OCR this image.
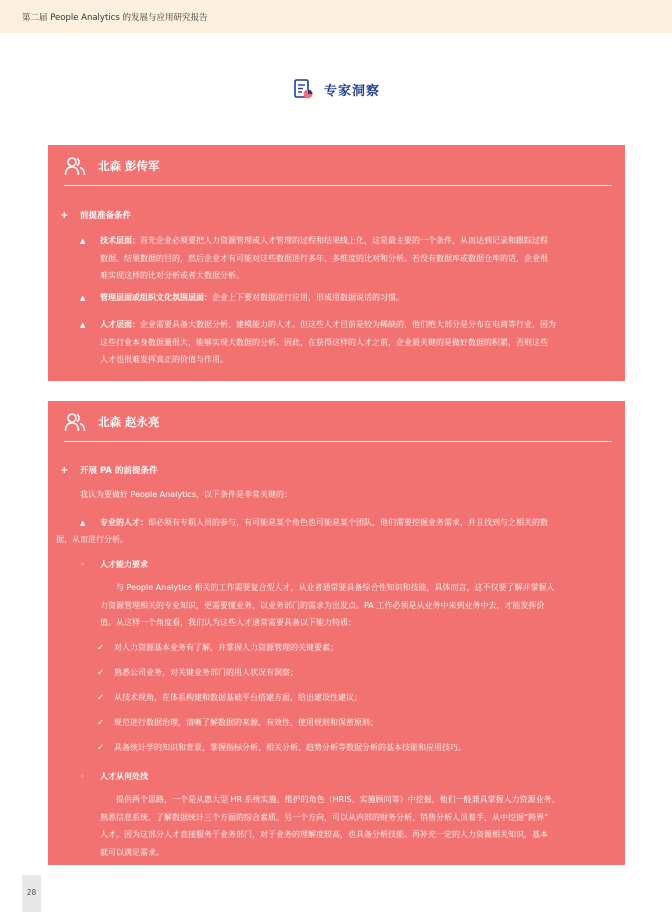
第二届 People Analytics 的发展与应用研究报告
专家洞察
北森 彭传军
+	前提准备条件
▲ 技术层面：首先企业必须要把人力资源管理或人才管理的过程和结果线上化，这是最主要的一个条件，从而达到记录和跟踪过程
数据、结果数据的目的，然后企业才有可能对这些数据进行多年、多维度的比对和分析。若没有数据库或数据仓库的话，企业很
难实现这样的比对分析或者大数据分析。
▲ 管理层面或组织文化氛围层面：企业上下要对数据进行应用，形成用数据说话的习惯。
▲ 人才层面：企业需要具备大数据分析、建模能力的人才。但这些人才目前是较为稀缺的，他们绝大部分是分布在电商等行业，因为
这些行业本身数据量很大，能够实现大数据的分析。因此，在获得这样的人才之前，企业最关键的是做好数据的积累，否则这些
人才也很难发挥真正的价值与作用。
北森 赵永亮
+	开展 PA 的前提条件
我认为要做好 People Analytics，以下条件是非常关键的：
▲ 专业的人才：即必须有专职人员的参与，有可能是某个角色也可能是某个团队，他们需要挖掘业务需求，并且找到与之相关的数
据，从而进行分析。
◦ 人才能力要求
与 People Analytics 相关的工作需要复合型人才，从业者通常要具备综合性知识和技能，具体而言，这不仅要了解并掌握人
力资源管理相关的专业知识，更需要懂业务，以业务部门的需求为出发点。PA 工作必须是从业务中来到业务中去，才能发挥价
值。从这样一个角度看，我们认为这些人才通常需要具备以下能力特质：
✓ 对人力资源基本业务有了解，并掌握人力资源管理的关键要素；
✓ 熟悉公司业务，对关键业务部门的用人状况有洞察；
✓ 从技术视角，在体系构建和数据基础平台搭建方面，给出建设性建议；
✓ 规范进行数据治理，清晰了解数据的来源、有效性、使用规则和保密原则；
✓ 具备统计学的知识和背景，掌握指标分析、相关分析、趋势分析等数据分析的基本技能和应用技巧。
◦ 人才从何处找
提供两个思路，一个是从惠大型 HR 系统实施、维护的角色（HRIS、实施顾问等）中挖掘，他们一般兼具掌握人力资源业务、
熟悉信息系统、了解数据统计三个方面的综合素质。另一个方向，可以从内部的财务分析、销售分析人员着手，从中挖掘“跨界”
人才。因为这部分人才直接服务于业务部门，对于业务的理解度较高，也具备分析技能。再补充一定的人力资源相关知识，基本
就可以满足需求。
28
